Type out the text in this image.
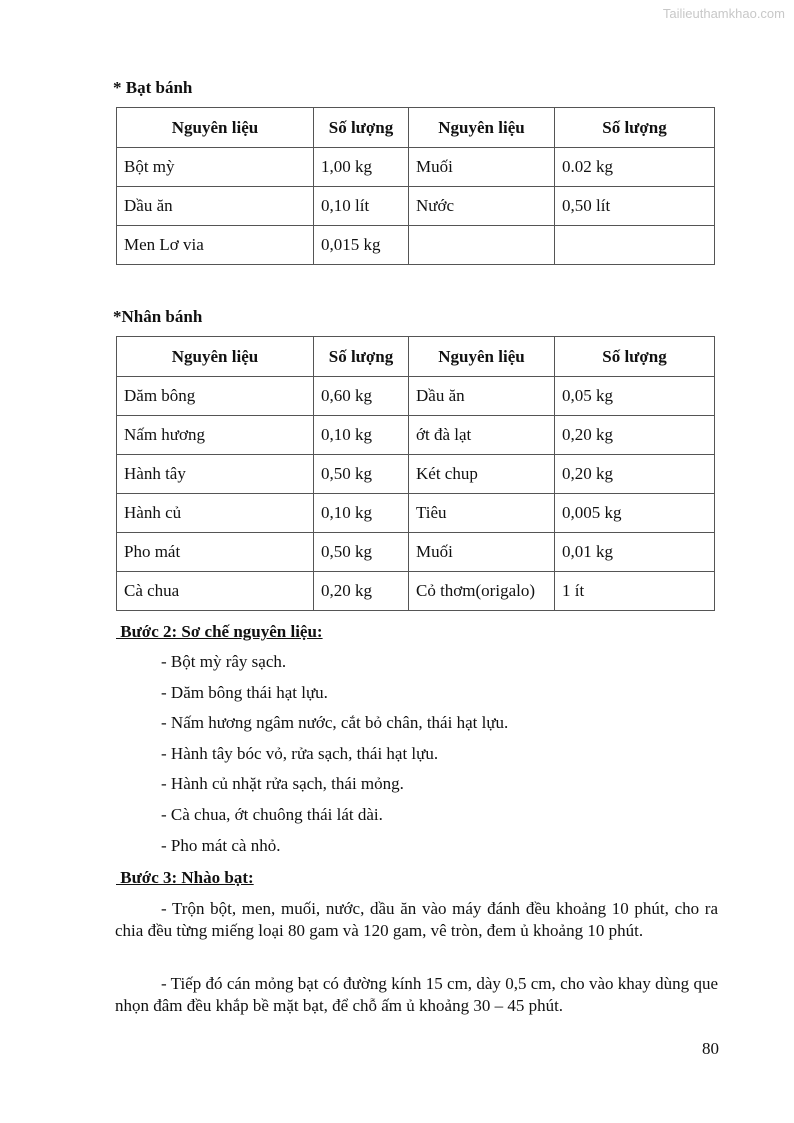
Tailieuthamkhao.com
* Bạt bánh
Nguyên liệu	Số lượng	Nguyên liệu	Số lượng
Bột mỳ	1,00 kg	Muối	0.02 kg
Dầu ăn	0,10 lít	Nước	0,50 lít
Men Lơ via	0,015 kg		
*Nhân bánh
Nguyên liệu	Số lượng	Nguyên liệu	Số lượng
Dăm bông	0,60 kg	Dầu ăn	0,05 kg
Nấm hương	0,10 kg	ớt đà lạt	0,20 kg
Hành tây	0,50 kg	Két chup	0,20 kg
Hành củ	0,10 kg	Tiêu	0,005 kg
Pho mát	0,50 kg	Muối	0,01 kg
Cà chua	0,20 kg	Cỏ thơm(origalo)	1 ít
Bước 2: Sơ chế nguyên liệu:
- Bột mỳ rây sạch.
- Dăm bông thái hạt lựu.
- Nấm hương ngâm nước, cắt bỏ chân, thái hạt lựu.
- Hành tây bóc vỏ, rửa sạch, thái hạt lựu.
- Hành củ nhặt rửa sạch, thái mỏng.
- Cà chua, ớt chuông thái lát dài.
- Pho mát cà nhỏ.
Bước 3: Nhào bạt:
- Trộn bột, men, muối, nước, dầu ăn vào máy đánh đều khoảng 10 phút, cho ra chia đều từng miếng loại 80 gam và 120 gam, vê tròn, đem ủ khoảng 10 phút.
- Tiếp đó cán mỏng bạt có đường kính 15 cm, dày 0,5 cm, cho vào khay dùng que nhọn đâm đều khắp bề mặt bạt, để chỗ ấm ủ khoảng 30 – 45 phút.
80
